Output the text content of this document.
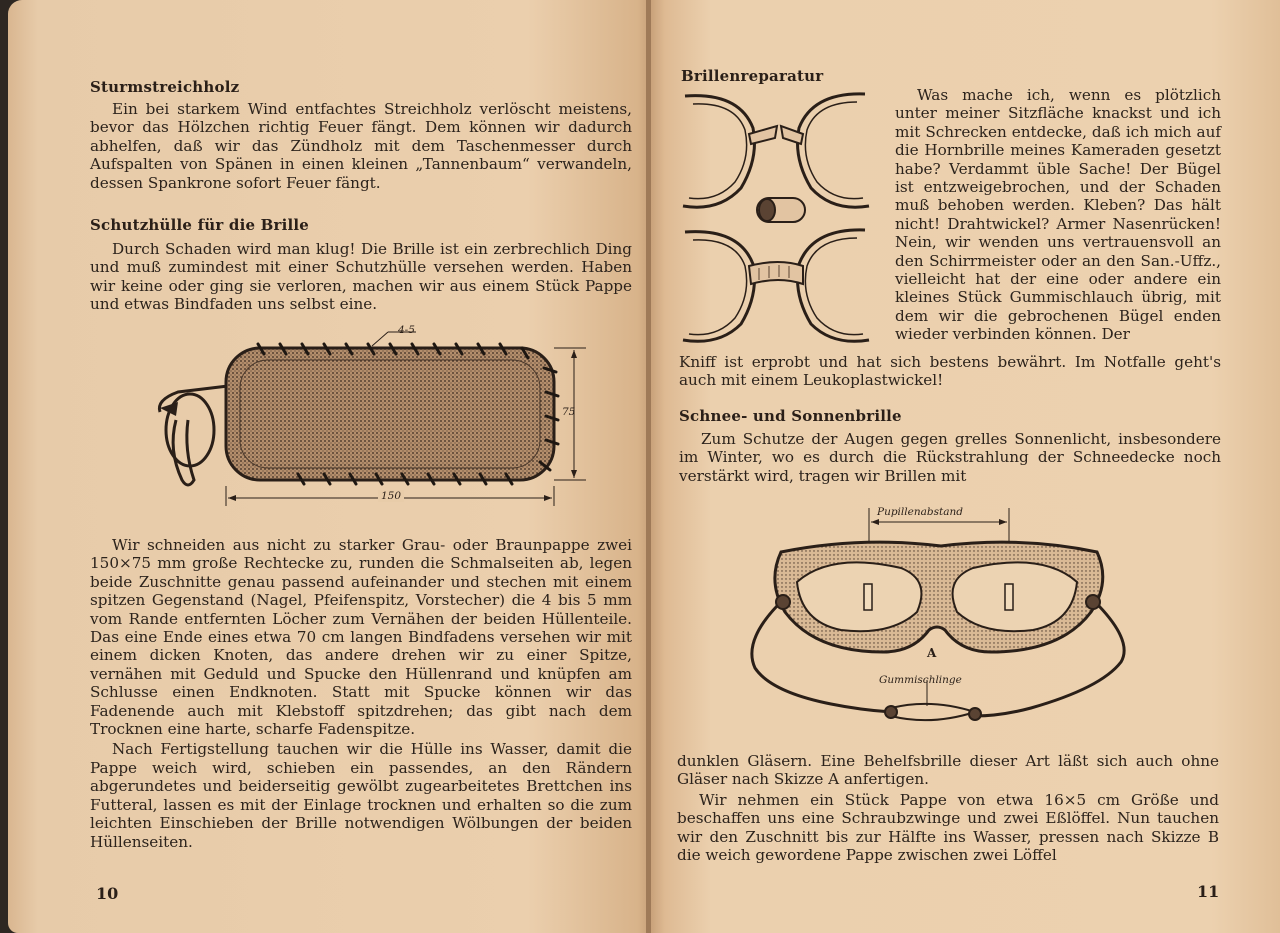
Sturmstreichholz

Ein bei starkem Wind entfachtes Streichholz verlöscht meistens, bevor das Hölzchen richtig Feuer fängt. Dem können wir dadurch abhelfen, daß wir das Zündholz mit dem Taschenmesser durch Aufspalten von Spänen in einen kleinen „Tannenbaum“ verwandeln, dessen Spankrone sofort Feuer fängt.

Schutzhülle für die Brille

Durch Schaden wird man klug! Die Brille ist ein zerbrechlich Ding und muß zumindest mit einer Schutzhülle versehen werden. Haben wir keine oder ging sie verloren, machen wir aus einem Stück Pappe und etwas Bindfaden uns selbst eine.

4-5
75
150

Wir schneiden aus nicht zu starker Grau- oder Braunpappe zwei 150×75 mm große Rechtecke zu, runden die Schmalseiten ab, legen beide Zuschnitte genau passend aufeinander und stechen mit einem spitzen Gegenstand (Nagel, Pfeifenspitz, Vorstecher) die 4 bis 5 mm vom Rande entfernten Löcher zum Vernähen der beiden Hüllenteile. Das eine Ende eines etwa 70 cm langen Bindfadens versehen wir mit einem dicken Knoten, das andere drehen wir zu einer Spitze, vernähen mit Geduld und Spucke den Hüllenrand und knüpfen am Schlusse einen Endknoten. Statt mit Spucke können wir das Fadenende auch mit Klebstoff spitzdrehen; das gibt nach dem Trocknen eine harte, scharfe Fadenspitze.

Nach Fertigstellung tauchen wir die Hülle ins Wasser, damit die Pappe weich wird, schieben ein passendes, an den Rändern abgerundetes und beiderseitig gewölbt zugearbeitetes Brettchen ins Futteral, lassen es mit der Einlage trocknen und erhalten so die zum leichten Einschieben der Brille notwendigen Wölbungen der beiden Hüllenseiten.

10
Brillenreparatur

Was mache ich, wenn es plötzlich unter meiner Sitzfläche knackst und ich mit Schrecken entdecke, daß ich mich auf die Hornbrille meines Kameraden gesetzt habe? Verdammt üble Sache! Der Bügel ist entzweigebrochen, und der Schaden muß behoben werden. Kleben? Das hält nicht! Drahtwickel? Armer Nasenrücken! Nein, wir wenden uns vertrauensvoll an den Schirrmeister oder an den San.-Uffz., vielleicht hat der eine oder andere ein kleines Stück Gummischlauch übrig, mit dem wir die gebrochenen Bügel enden wieder verbinden können. Der

Kniff ist erprobt und hat sich bestens bewährt. Im Notfalle geht's auch mit einem Leukoplastwickel!

Schnee- und Sonnenbrille

Zum Schutze der Augen gegen grelles Sonnenlicht, insbesondere im Winter, wo es durch die Rückstrahlung der Schneedecke noch verstärkt wird, tragen wir Brillen mit

Pupillenabstand
A
Gummischlinge

dunklen Gläsern. Eine Behelfsbrille dieser Art läßt sich auch ohne Gläser nach Skizze A anfertigen.

Wir nehmen ein Stück Pappe von etwa 16×5 cm Größe und beschaffen uns eine Schraubzwinge und zwei Eßlöffel. Nun tauchen wir den Zuschnitt bis zur Hälfte ins Wasser, pressen nach Skizze B die weich gewordene Pappe zwischen zwei Löffel

11
